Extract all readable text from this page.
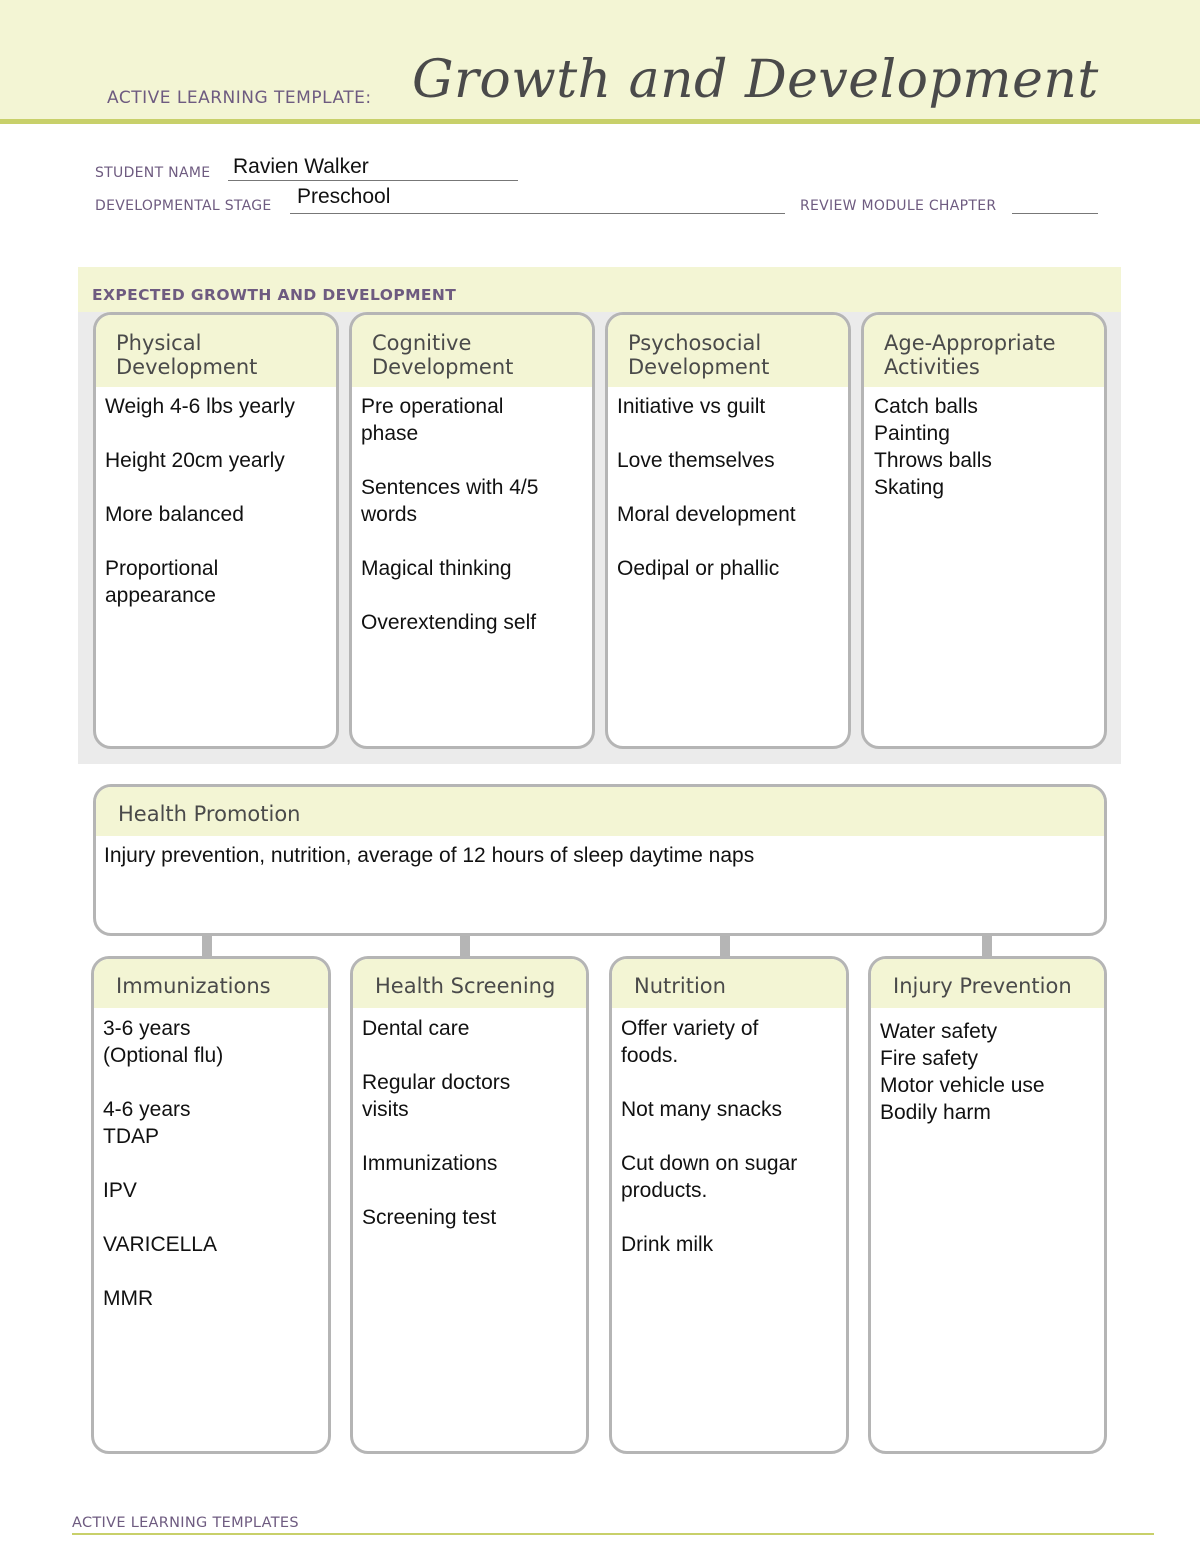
ACTIVE LEARNING TEMPLATE: Growth and Development
STUDENT NAME Ravien Walker
DEVELOPMENTAL STAGE Preschool	REVIEW MODULE CHAPTER
EXPECTED GROWTH AND DEVELOPMENT
Physical
Development
Weigh 4-6 lbs yearly
Height 20cm yearly
More balanced
Proportional
appearance
Cognitive
Development
Pre operational
phase
Sentences with 4/5
words
Magical thinking
Overextending self
Psychosocial
Development
Initiative vs guilt
Love themselves
Moral development
Oedipal or phallic
Age-Appropriate
Activities
Catch balls
Painting
Throws balls
Skating
Health Promotion
Injury prevention, nutrition, average of 12 hours of sleep daytime naps
Immunizations
3-6 years
(Optional flu)
4-6 years
TDAP
IPV
VARICELLA
MMR
Health Screening
Dental care
Regular doctors
visits
Immunizations
Screening test
Nutrition
Offer variety of
foods.
Not many snacks
Cut down on sugar
products.
Drink milk
Injury Prevention
Water safety
Fire safety
Motor vehicle use
Bodily harm
ACTIVE LEARNING TEMPLATES
